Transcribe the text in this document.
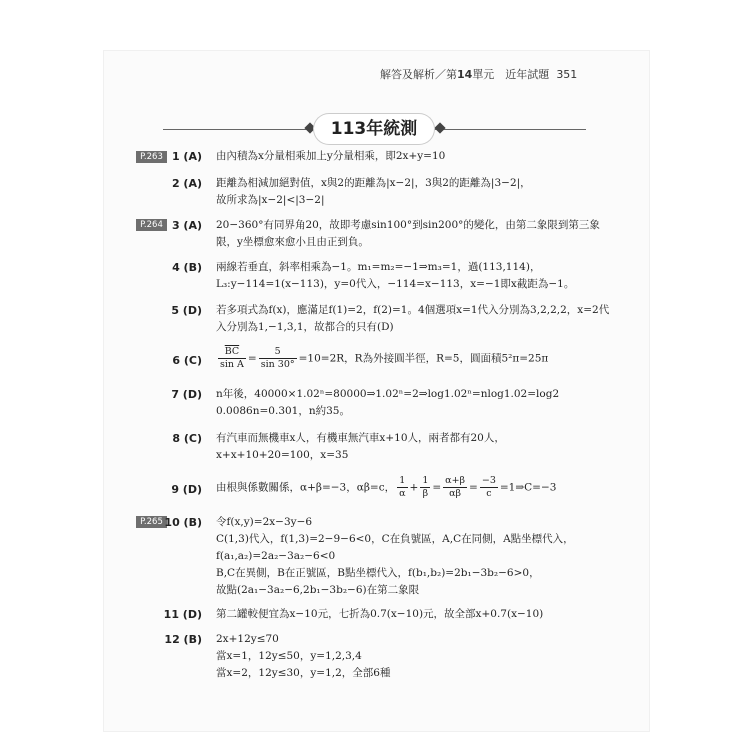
解答及解析／第14單元　近年試題 351
113年統測
P.263
P.264
P.265
1 (A) 由內積為x分量相乘加上y分量相乘，即2x+y=10
2 (A) 距離為相減加絕對值，x與2的距離為|x−2|，3與2的距離為|3−2|，
故所求為|x−2|<|3−2|
3 (A) 20−360°有同界角20，故即考慮sin100°到sin200°的變化，由第二象限到第三象
限，y坐標愈來愈小且由正到負。
4 (B) 兩線若垂直，斜率相乘為−1。m₁=m₂=−1⇒m₃=1，過(113,114)，
L₃:y−114=1(x−113)，y=0代入，−114=x−113，x=−1即x截距為−1。
5 (D) 若多項式為f(x)，應滿足f(1)=2，f(2)=1。4個選項x=1代入分別為3,2,2,2，x=2代
入分別為1,−1,3,1，故都合的只有(D)
6 $(C) \frac{\overline{BC}}{\text{sin A}} = \frac{5}{\sin 30^\circ} =10=2R$，R為外接圓半徑，R=5，圓面積5²π=25π
7 (D) n年後，40000×1.02ⁿ=80000⇒1.02ⁿ=2⇒log1.02ⁿ=nlog1.02=log2
0.0086n=0.301，n約35。
8 (C) 有汽車而無機車x人，有機車無汽車x+10人，兩者都有20人，
x+x+10+20=100，x=35
9 (D) 由根與係數關係，α+β=−3，αβ=c， $\frac{1}{\alpha} + \frac{1}{\beta} = \frac{\alpha+\beta}{\alpha\beta} = \frac{-3}{c}$ =1⇒C=−3
10 (B) 令f(x,y)=2x−3y−6
C(1,3)代入，f(1,3)=2−9−6<0，C在負號區，A,C在同側，A點坐標代入，
f(a₁,a₂)=2a₂−3a₂−6<0
B,C在異側，B在正號區，B點坐標代入，f(b₁,b₂)=2b₁−3b₂−6>0，
故點(2a₁−3a₂−6,2b₁−3b₂−6)在第二象限
11 (D) 第二罐較便宜為x−10元，七折為0.7(x−10)元，故全部x+0.7(x−10)
12 (B) 2x+12y≤70
當x=1，12y≤50，y=1,2,3,4
當x=2，12y≤30，y=1,2，全部6種
